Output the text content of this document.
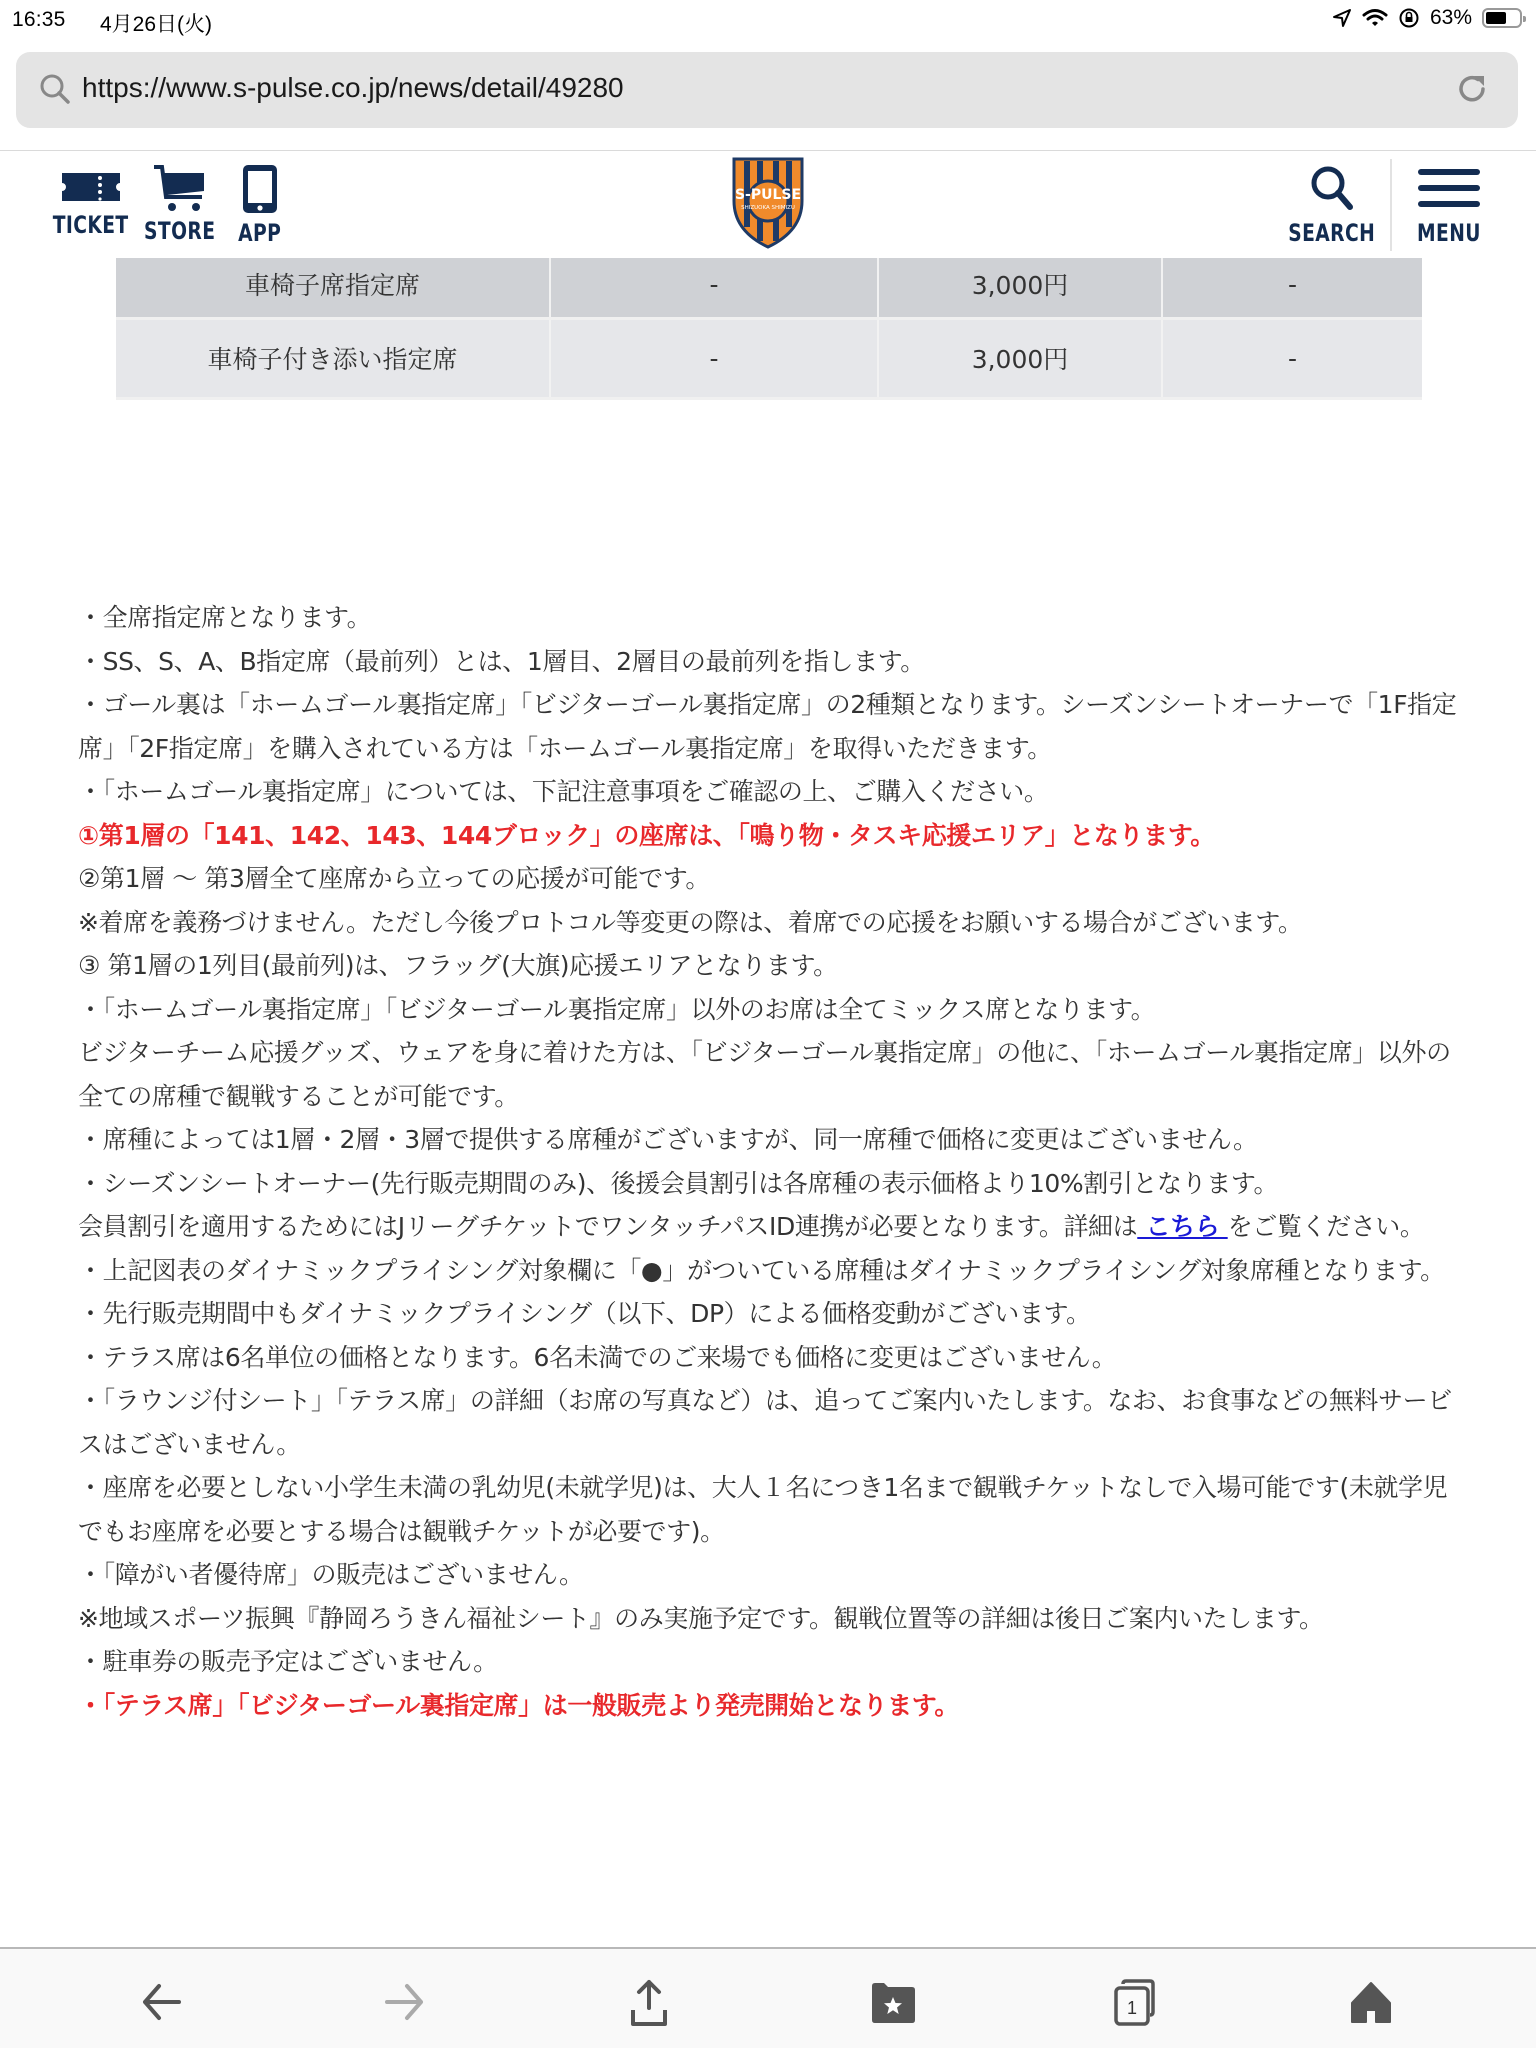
16:35 4月26日(火)	63%
https://www.s-pulse.co.jp/news/detail/49280
TICKET STORE APP
S-PULSE
SHIZUOKA SHIMIZU
SEARCH MENU
車椅子席指定席	-	3,000円	-
車椅子付き添い指定席	-	3,000円	-

・全席指定席となります。

・SS、S、A、B指定席（最前列）とは、1層目、2層目の最前列を指します。

・ゴール裏は「ホームゴール裏指定席」「ビジターゴール裏指定席」の2種類となります。シーズンシートオーナーで「1F指定席」「2F指定席」を購入されている方は「ホームゴール裏指定席」を取得いただきます。

・「ホームゴール裏指定席」については、下記注意事項をご確認の上、ご購入ください。

①第1層の「141、142、143、144ブロック」の座席は、「鳴り物・タスキ応援エリア」となります。

②第1層 〜 第3層全て座席から立っての応援が可能です。

※着席を義務づけません。ただし今後プロトコル等変更の際は、着席での応援をお願いする場合がございます。

③ 第1層の1列目(最前列)は、フラッグ(大旗)応援エリアとなります。

・「ホームゴール裏指定席」「ビジターゴール裏指定席」以外のお席は全てミックス席となります。

ビジターチーム応援グッズ、ウェアを身に着けた方は、「ビジターゴール裏指定席」の他に、「ホームゴール裏指定席」以外の全ての席種で観戦することが可能です。

・席種によっては1層・2層・3層で提供する席種がございますが、同一席種で価格に変更はございません。

・シーズンシートオーナー(先行販売期間のみ)、後援会員割引は各席種の表示価格より10%割引となります。

会員割引を適用するためにはJリーグチケットでワンタッチパスID連携が必要となります。詳細は こちら をご覧ください。

・上記図表のダイナミックプライシング対象欄に「●」がついている席種はダイナミックプライシング対象席種となります。

・先行販売期間中もダイナミックプライシング（以下、DP）による価格変動がございます。

・テラス席は6名単位の価格となります。6名未満でのご来場でも価格に変更はございません。

・「ラウンジ付シート」「テラス席」の詳細（お席の写真など）は、追ってご案内いたします。なお、お食事などの無料サービスはございません。

・座席を必要としない小学生未満の乳幼児(未就学児)は、大人１名につき1名まで観戦チケットなしで入場可能です(未就学児でもお座席を必要とする場合は観戦チケットが必要です)。

・「障がい者優待席」の販売はございません。

※地域スポーツ振興『静岡ろうきん福祉シート』のみ実施予定です。観戦位置等の詳細は後日ご案内いたします。

・駐車券の販売予定はございません。

・「テラス席」「ビジターゴール裏指定席」は一般販売より発売開始となります。

1
